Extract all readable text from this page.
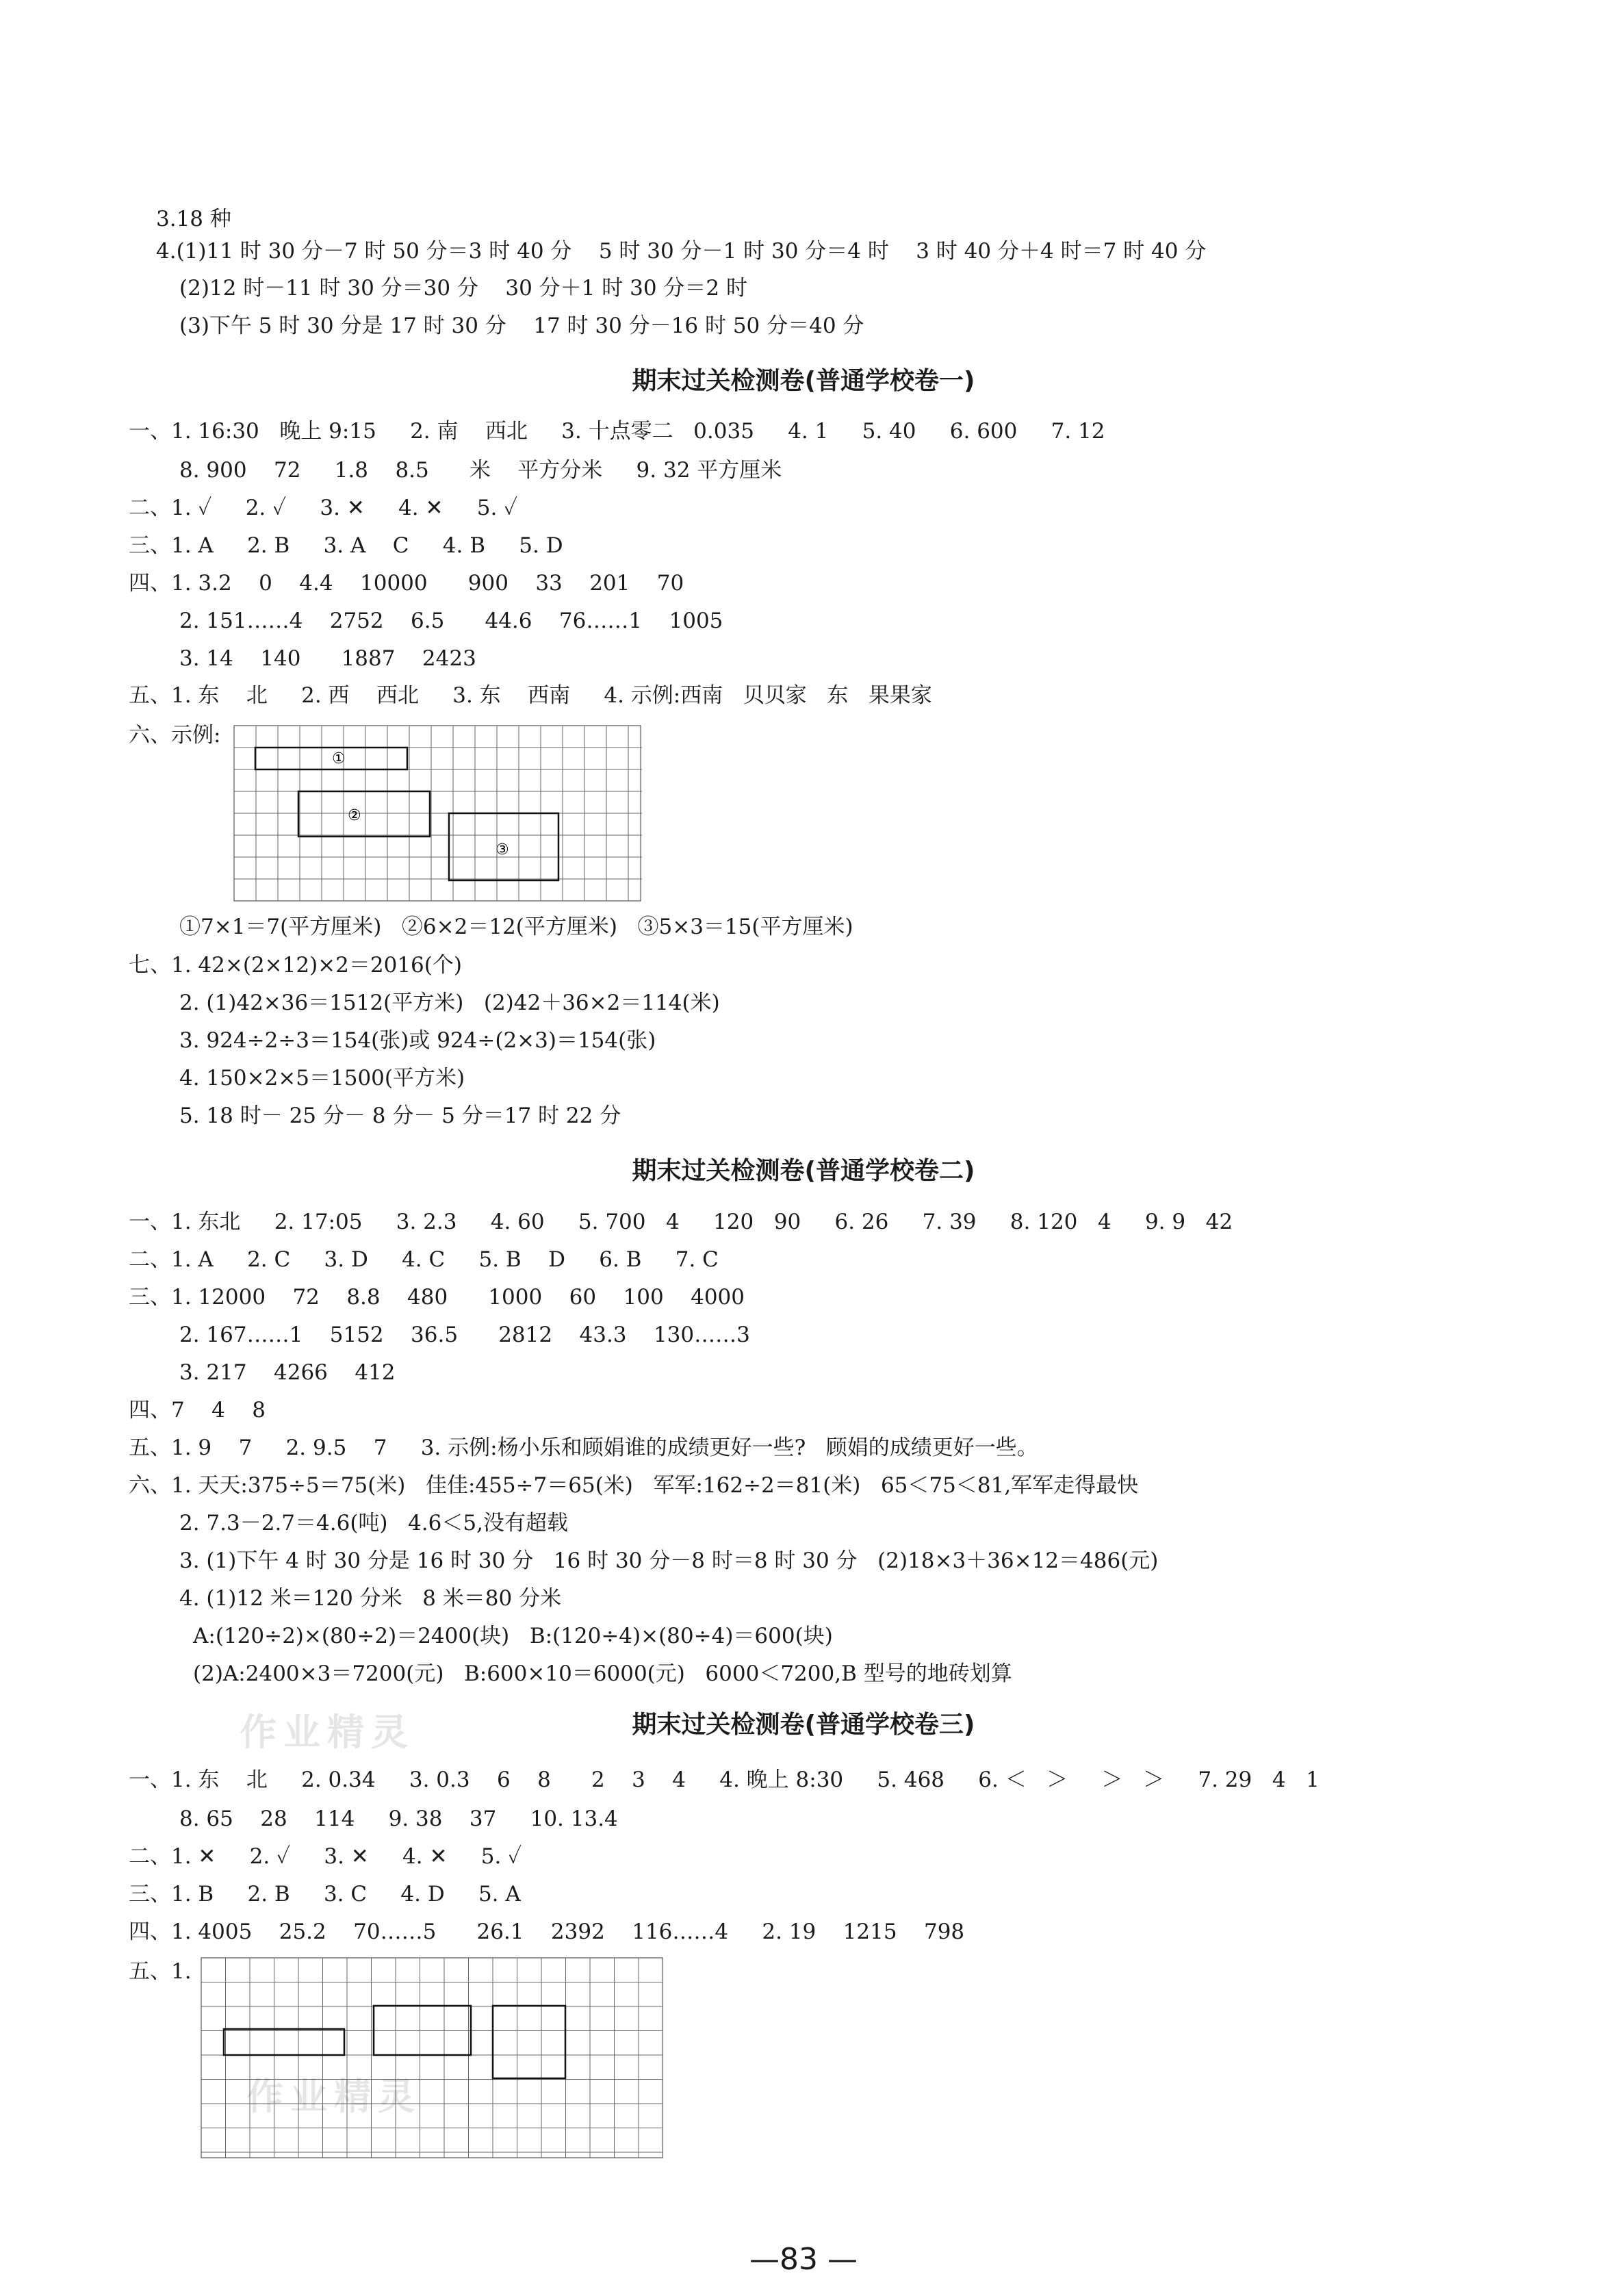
3.18 种
4.(1)11 时 30 分－7 时 50 分＝3 时 40 分    5 时 30 分－1 时 30 分＝4 时    3 时 40 分＋4 时＝7 时 40 分
(2)12 时－11 时 30 分＝30 分    30 分＋1 时 30 分＝2 时
(3)下午 5 时 30 分是 17 时 30 分    17 时 30 分－16 时 50 分＝40 分
期末过关检测卷(普通学校卷一)
一、1. 16:30   晚上 9:15     2. 南    西北     3. 十点零二   0.035     4. 1     5. 40     6. 600     7. 12
8. 900    72     1.8    8.5      米    平方分米     9. 32 平方厘米
二、1. ✓     2. ✓     3. ✕     4. ✕     5. ✓
三、1. A     2. B     3. A    C     4. B     5. D
四、1. 3.2    0    4.4    10000      900    33    201    70
2. 151……4    2752    6.5      44.6    76……1    1005
3. 14    140      1887    2423
五、1. 东    北     2. 西    西北     3. 东    西南     4. 示例:西南   贝贝家   东   果果家
六、示例:
①
②
③
①7×1＝7(平方厘米)   ②6×2＝12(平方厘米)   ③5×3＝15(平方厘米)
七、1. 42×(2×12)×2＝2016(个)
2. (1)42×36＝1512(平方米)   (2)42＋36×2＝114(米)
3. 924÷2÷3＝154(张)或 924÷(2×3)＝154(张)
4. 150×2×5＝1500(平方米)
5. 18 时－ 25 分－ 8 分－ 5 分＝17 时 22 分
期末过关检测卷(普通学校卷二)
一、1. 东北     2. 17:05     3. 2.3     4. 60     5. 700   4     120   90     6. 26     7. 39     8. 120   4     9. 9   42
二、1. A     2. C     3. D     4. C     5. B    D     6. B     7. C
三、1. 12000    72    8.8    480      1000    60    100    4000
2. 167……1    5152    36.5      2812    43.3    130……3
3. 217    4266    412
四、7    4    8
五、1. 9    7     2. 9.5    7     3. 示例:杨小乐和顾娟谁的成绩更好一些?   顾娟的成绩更好一些。
六、1. 天天:375÷5＝75(米)   佳佳:455÷7＝65(米)   军军:162÷2＝81(米)   65＜75＜81,军军走得最快
2. 7.3－2.7＝4.6(吨)   4.6＜5,没有超载
3. (1)下午 4 时 30 分是 16 时 30 分   16 时 30 分－8 时＝8 时 30 分   (2)18×3＋36×12＝486(元)
4. (1)12 米＝120 分米   8 米＝80 分米
A:(120÷2)×(80÷2)＝2400(块)   B:(120÷4)×(80÷4)＝600(块)
(2)A:2400×3＝7200(元)   B:600×10＝6000(元)   6000＜7200,B 型号的地砖划算
期末过关检测卷(普通学校卷三)
一、1. 东    北     2. 0.34     3. 0.3    6    8      2    3    4     4. 晚上 8:30     5. 468     6. ＜   ＞     ＞   ＞     7. 29   4   1
8. 65    28    114     9. 38    37     10. 13.4
二、1. ✕     2. ✓     3. ✕     4. ✕     5. ✓
三、1. B     2. B     3. C     4. D     5. A
四、1. 4005    25.2    70……5      26.1    2392    116……4     2. 19    1215    798
五、1.
作业精灵
作业精灵
—83 —
